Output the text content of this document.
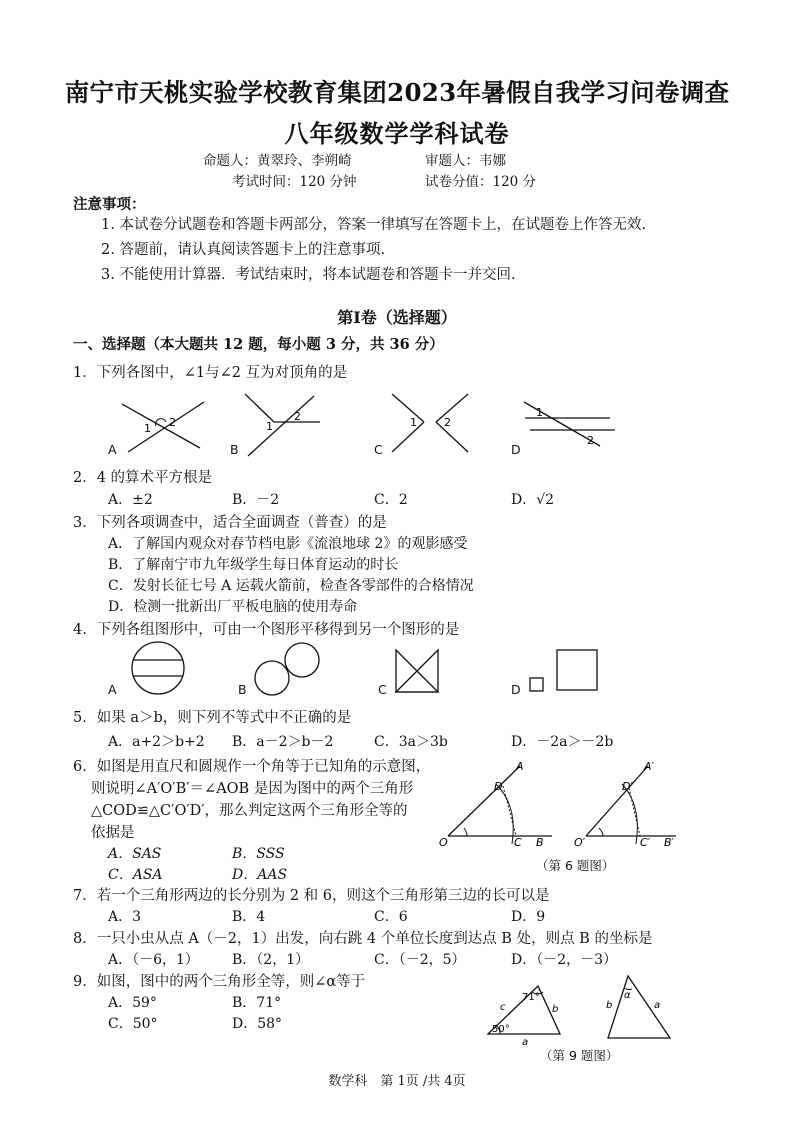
南宁市天桃实验学校教育集团2023年暑假自我学习问卷调查
八年级数学学科试卷
命题人：黄翠玲、李朔崎	审题人：韦娜
考试时间：120 分钟	试卷分值：120 分
注意事项：
1. 本试卷分试题卷和答题卡两部分，答案一律填写在答题卡上，在试题卷上作答无效.
2. 答题前，请认真阅读答题卡上的注意事项.
3. 不能使用计算器．考试结束时，将本试题卷和答题卡一并交回.
第Ⅰ卷（选择题）
一、选择题（本大题共 12 题，每小题 3 分，共 36 分）
1．下列各图中，∠1与∠2 互为对顶角的是
1 2	1
2	1 2
1
2
A	B	C	D
2．4 的算术平方根是
A．±2	B．－2	C．2	D．√2
3．下列各项调查中，适合全面调查（普查）的是
A．了解国内观众对春节档电影《流浪地球 2》的观影感受
B．了解南宁市九年级学生每日体育运动的时长
C．发射长征七号 A 运载火箭前，检查各零部件的合格情况
D．检测一批新出厂平板电脑的使用寿命
4．下列各组图形中，可由一个图形平移得到另一个图形的是
A	B	C	D
5．如果 a＞b，则下列不等式中不正确的是
A．a+2＞b+2 B．a－2＞b－2	C．3a＞3b	D．－2a＞－2b
6．如图是用直尺和圆规作一个角等于已知角的示意图，
则说明∠A′O′B′＝∠AOB 是因为图中的两个三角形
△COD≌△C′O′D′，那么判定这两个三角形全等的
依据是
A．SAS	B．SSS
C．ASA	D．AAS
A
D
O	C B
A′
D′
O′	C′ B′
（第 6 题图）
7．若一个三角形两边的长分别为 2 和 6，则这个三角形第三边的长可以是
A．3	B．4	C．6	D．9
8．一只小虫从点 A（－2，1）出发，向右跳 4 个单位长度到达点 B 处，则点 B 的坐标是
A．（－6，1） B．（2，1）	C．（－2，5）	D．（－2，－3）
9．如图，图中的两个三角形全等，则∠α等于
A．59°	B．71°
C．50°	D．58°
71°
50°
c	b
a
α
b	a
（第 9 题图）
数学科　第 1页 /共 4页
